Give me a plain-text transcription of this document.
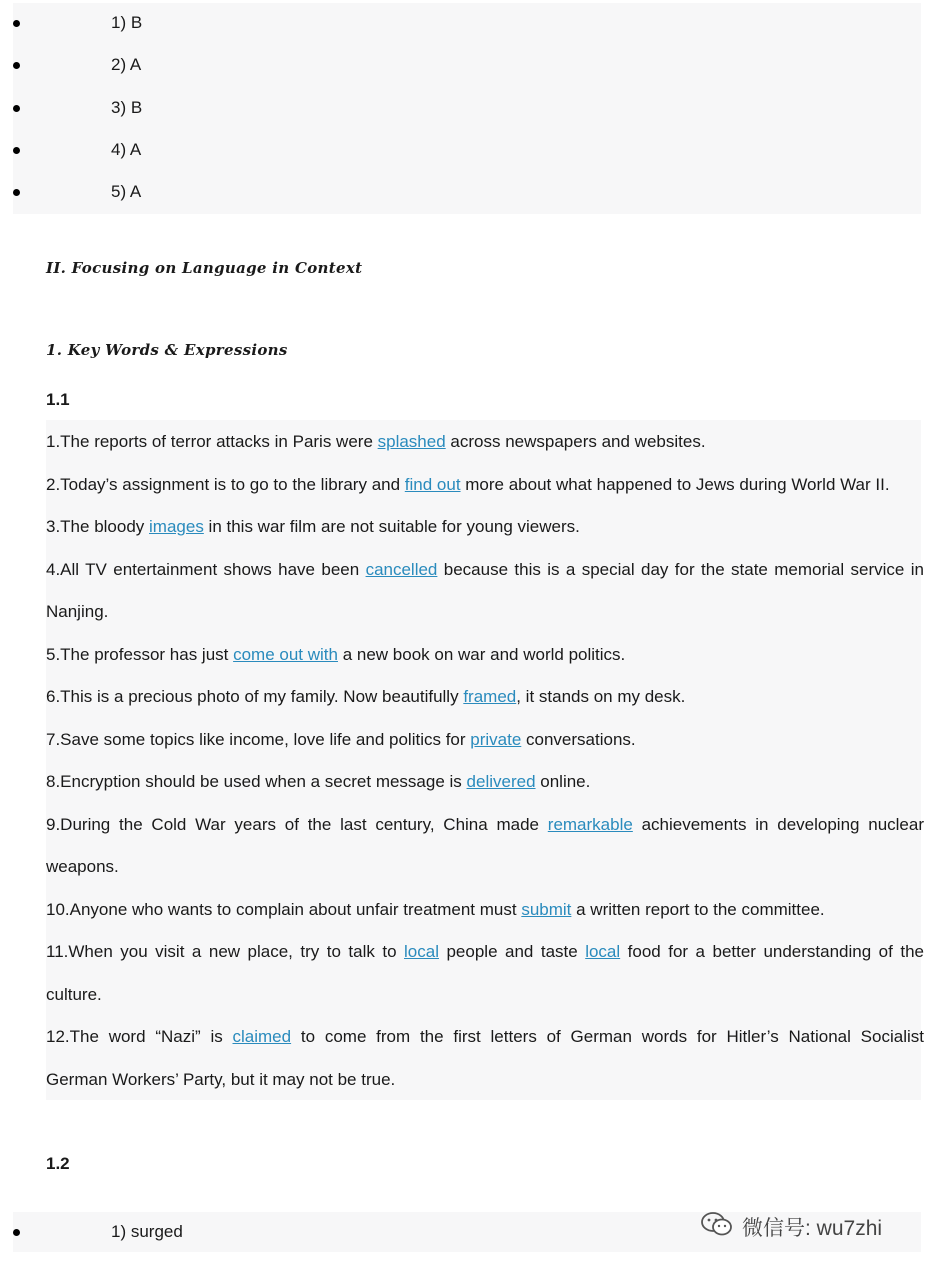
1) B
2) A
3) B
4) A
5) A
II. Focusing on Language in Context
1. Key Words & Expressions
1.1
1.The reports of terror attacks in Paris were splashed across newspapers and websites.
2.Today’s assignment is to go to the library and find out more about what happened to Jews during World War II.
3.The bloody images in this war film are not suitable for young viewers.
4.All TV entertainment shows have been cancelled because this is a special day for the state memorial service in
Nanjing.
5.The professor has just come out with a new book on war and world politics.
6.This is a precious photo of my family. Now beautifully framed, it stands on my desk.
7.Save some topics like income, love life and politics for private conversations.
8.Encryption should be used when a secret message is delivered online.
9.During the Cold War years of the last century, China made remarkable achievements in developing nuclear
weapons.
10.Anyone who wants to complain about unfair treatment must submit a written report to the committee.
11.When you visit a new place, try to talk to local people and taste local food for a better understanding of the
culture.
12.The word “Nazi” is claimed to come from the first letters of German words for Hitler’s National Socialist
German Workers’ Party, but it may not be true.
1.2
1) surged	微信号: wu7zhi
